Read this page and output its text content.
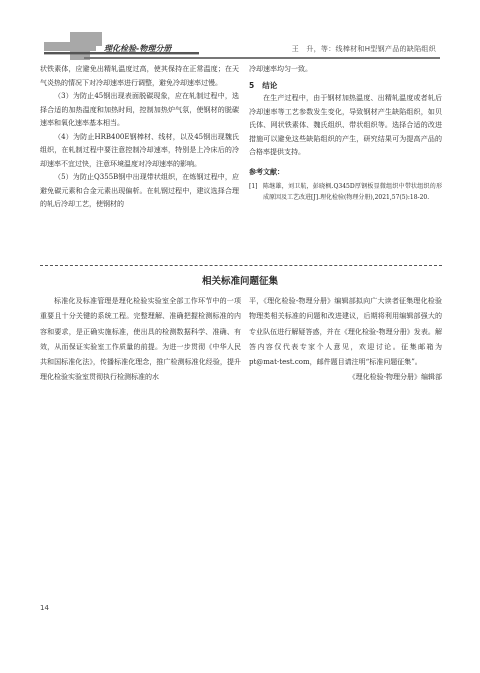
理化检验-物理分册	王　升，等：线棒材和H型钢产品的缺陷组织

状铁素体，应避免出精轧温度过高，使其保持在正常温度；在天气炎热的情况下对冷却速率进行调整，避免冷却速率过慢。

（3）为防止45钢出现表面脱碳现象，应在轧制过程中，选择合适的加热温度和加热时间，控制加热炉气氛，使钢材的脱碳速率和氧化速率基本相当。

（4）为防止HRB400E钢棒材、线材，以及45钢出现魏氏组织，在轧制过程中要注意控制冷却速率，特别是上冷床后的冷却速率不宜过快，注意环境温度对冷却速率的影响。

（5）为防止Q355B钢中出现带状组织，在炼钢过程中，应避免碳元素和合金元素出现偏析。在轧钢过程中，建议选择合理的轧后冷却工艺，使钢材的

冷却速率均匀一致。

5 结论

在生产过程中，由于钢材加热温度、出精轧温度或者轧后冷却速率等工艺参数发生变化，导致钢材产生缺陷组织，如贝氏体、网状铁素体、魏氏组织、带状组织等。选择合适的改进措施可以避免这些缺陷组织的产生，研究结果可为提高产品的合格率提供支持。

参考文献：

[1] 陈继雄，刘卫航，彭晓枫.Q345D厚钢板显微组织中带状组织的形成原因及工艺改进[J].理化检验(物理分册),2021,57(5):18-20.

相关标准问题征集

标准化及标准管理是理化检验实验室全部工作环节中的一项重要且十分关键的系统工程。完整理解、准确把握检测标准的内容和要求，是正确实施标准，使出具的检测数据科学、准确、有效，从而保证实验室工作质量的前提。为进一步贯彻《中华人民共和国标准化法》，传播标准化理念，推广检测标准化经验，提升理化检验实验室贯彻执行检测标准的水

平，《理化检验-物理分册》编辑部拟向广大读者征集理化检验物理类相关标准的问题和改进建议，后期将利用编辑部强大的专业队伍进行解疑答惑，并在《理化检验-物理分册》发表。解答内容仅代表专家个人意见，欢迎讨论。征集邮箱为 pt@mat-test.com，邮件题目请注明“标准问题征集”。

《理化检验-物理分册》编辑部

14
